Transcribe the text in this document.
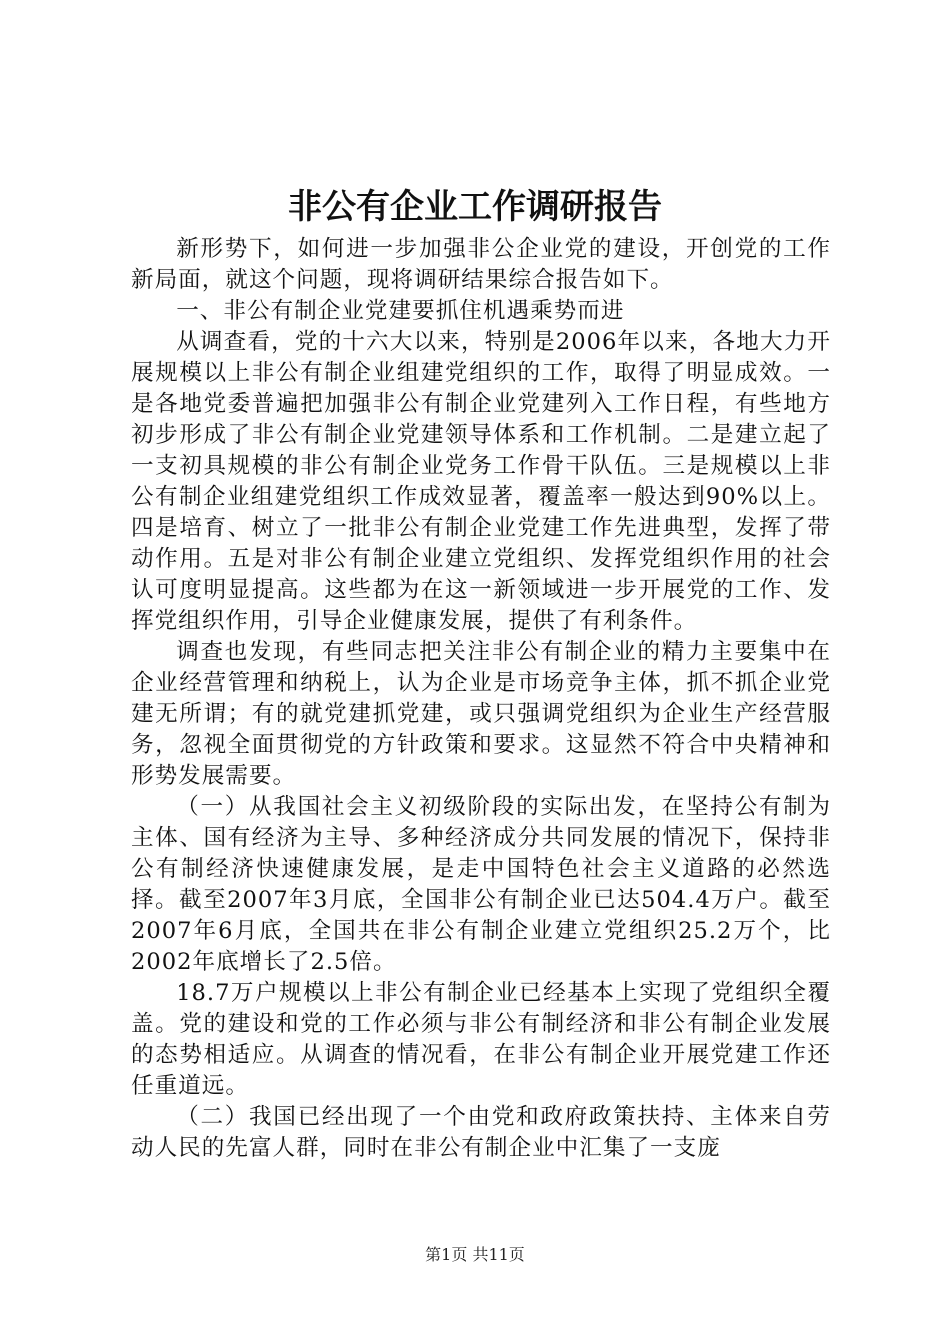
非公有企业工作调研报告

新形势下，如何进一步加强非公企业党的建设，开创党的工作新局面，就这个问题，现将调研结果综合报告如下。

一、非公有制企业党建要抓住机遇乘势而进

从调查看，党的十六大以来，特别是2006年以来，各地大力开展规模以上非公有制企业组建党组织的工作，取得了明显成效。一是各地党委普遍把加强非公有制企业党建列入工作日程，有些地方初步形成了非公有制企业党建领导体系和工作机制。二是建立起了一支初具规模的非公有制企业党务工作骨干队伍。三是规模以上非公有制企业组建党组织工作成效显著，覆盖率一般达到90%以上。四是培育、树立了一批非公有制企业党建工作先进典型，发挥了带动作用。五是对非公有制企业建立党组织、发挥党组织作用的社会认可度明显提高。这些都为在这一新领域进一步开展党的工作、发挥党组织作用，引导企业健康发展，提供了有利条件。

调查也发现，有些同志把关注非公有制企业的精力主要集中在企业经营管理和纳税上，认为企业是市场竞争主体，抓不抓企业党建无所谓；有的就党建抓党建，或只强调党组织为企业生产经营服务，忽视全面贯彻党的方针政策和要求。这显然不符合中央精神和形势发展需要。

（一）从我国社会主义初级阶段的实际出发，在坚持公有制为主体、国有经济为主导、多种经济成分共同发展的情况下，保持非公有制经济快速健康发展，是走中国特色社会主义道路的必然选择。截至2007年3月底，全国非公有制企业已达504.4万户。截至2007年6月底，全国共在非公有制企业建立党组织25.2万个，比2002年底增长了2.5倍。

18.7万户规模以上非公有制企业已经基本上实现了党组织全覆盖。党的建设和党的工作必须与非公有制经济和非公有制企业发展的态势相适应。从调查的情况看，在非公有制企业开展党建工作还任重道远。

（二）我国已经出现了一个由党和政府政策扶持、主体来自劳动人民的先富人群，同时在非公有制企业中汇集了一支庞

第1页 共11页
